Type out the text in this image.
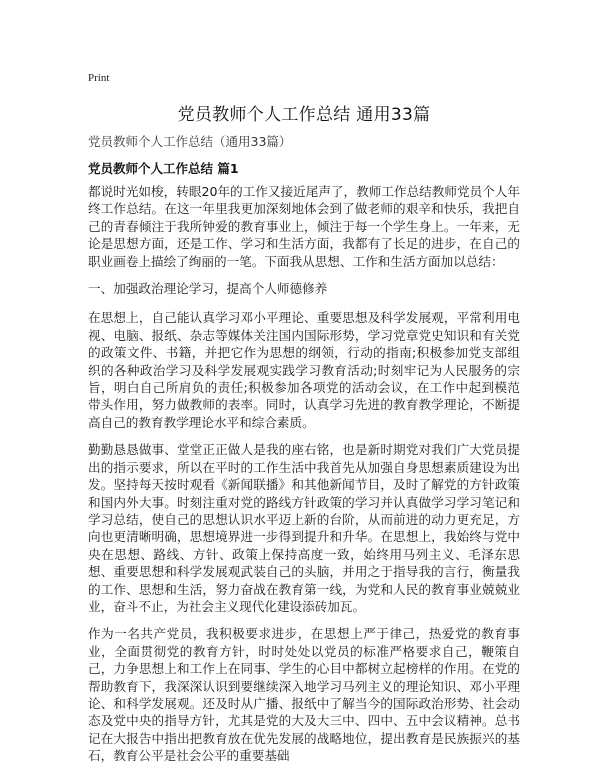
Print
党员教师个人工作总结 通用33篇
党员教师个人工作总结（通用33篇）
党员教师个人工作总结 篇1

都说时光如梭，转眼20年的工作又接近尾声了，教师工作总结教师党员个人年终工作总结。在这一年里我更加深刻地体会到了做老师的艰辛和快乐，我把自己的青春倾注于我所钟爱的教育事业上，倾注于每一个学生身上。一年来，无论是思想方面，还是工作、学习和生活方面，我都有了长足的进步，在自己的职业画卷上描绘了绚丽的一笔。下面我从思想、工作和生活方面加以总结：

一、加强政治理论学习，提高个人师德修养

在思想上，自己能认真学习邓小平理论、重要思想及科学发展观，平常利用电视、电脑、报纸、杂志等媒体关注国内国际形势，学习党章党史知识和有关党的政策文件、书籍，并把它作为思想的纲领，行动的指南;积极参加党支部组织的各种政治学习及科学发展观实践学习教育活动;时刻牢记为人民服务的宗旨，明白自己所肩负的责任;积极参加各项党的活动会议，在工作中起到模范带头作用，努力做教师的表率。同时，认真学习先进的教育教学理论，不断提高自己的教育教学理论水平和综合素质。

勤勤恳恳做事、堂堂正正做人是我的座右铭，也是新时期党对我们广大党员提出的指示要求，所以在平时的工作生活中我首先从加强自身思想素质建设为出发。坚持每天按时观看《新闻联播》和其他新闻节目，及时了解党的方针政策和国内外大事。时刻注重对党的路线方针政策的学习并认真做学习学习笔记和学习总结，使自己的思想认识水平迈上新的台阶，从而前进的动力更充足，方向也更清晰明确，思想境界进一步得到提升和升华。在思想上，我始终与党中央在思想、路线、方针、政策上保持高度一致，始终用马列主义、毛泽东思想、重要思想和科学发展观武装自己的头脑，并用之于指导我的言行，衡量我的工作、思想和生活，努力奋战在教育第一线，为党和人民的教育事业兢兢业业，奋斗不止，为社会主义现代化建设添砖加瓦。

作为一名共产党员，我积极要求进步，在思想上严于律己，热爱党的教育事业，全面贯彻党的教育方针，时时处处以党员的标准严格要求自己，鞭策自己，力争思想上和工作上在同事、学生的心目中都树立起榜样的作用。在党的帮助教育下，我深深认识到要继续深入地学习马列主义的理论知识、邓小平理论、和科学发展观。还及时从广播、报纸中了解当今的国际政治形势、社会动态及党中央的指导方针，尤其是党的大及大三中、四中、五中会议精神。总书记在大报告中指出把教育放在优先发展的战略地位，提出教育是民族振兴的基石，教育公平是社会公平的重要基础
